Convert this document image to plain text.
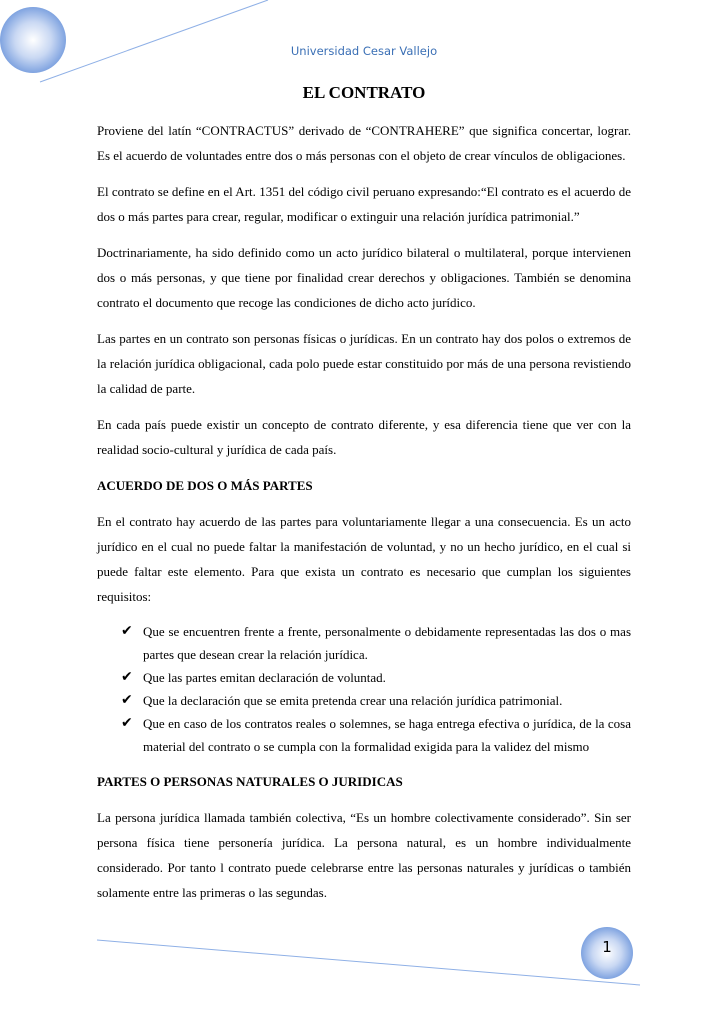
Universidad Cesar Vallejo
EL CONTRATO

Proviene del latín “CONTRACTUS” derivado de “CONTRAHERE” que significa concertar, lograr. Es el acuerdo de voluntades entre dos o más personas con el objeto de crear vínculos de obligaciones.

El contrato se define en el Art. 1351 del código civil peruano expresando:“El contrato es el acuerdo de dos o más partes para crear, regular, modificar o extinguir una relación jurídica patrimonial.”

Doctrinariamente, ha sido definido como un acto jurídico bilateral o multilateral, porque intervienen dos o más personas, y que tiene por finalidad crear derechos y obligaciones. También se denomina contrato el documento que recoge las condiciones de dicho acto jurídico.

Las partes en un contrato son personas físicas o jurídicas. En un contrato hay dos polos o extremos de la relación jurídica obligacional, cada polo puede estar constituido por más de una persona revistiendo la calidad de parte.

En cada país puede existir un concepto de contrato diferente, y esa diferencia tiene que ver con la realidad socio-cultural y jurídica de cada país.

ACUERDO DE DOS O MÁS PARTES

En el contrato hay acuerdo de las partes para voluntariamente llegar a una consecuencia. Es un acto jurídico en el cual no puede faltar la manifestación de voluntad, y no un hecho jurídico, en el cual si puede faltar este elemento. Para que exista un contrato es necesario que cumplan los siguientes requisitos:

✔ Que se encuentren frente a frente, personalmente o debidamente representadas las dos o mas partes que desean crear la relación jurídica.
✔ Que las partes emitan declaración de voluntad.
✔ Que la declaración que se emita pretenda crear una relación jurídica patrimonial.
✔ Que en caso de los contratos reales o solemnes, se haga entrega efectiva o jurídica, de la cosa material del contrato o se cumpla con la formalidad exigida para la validez del mismo
PARTES O PERSONAS NATURALES O JURIDICAS

La persona jurídica llamada también colectiva, “Es un hombre colectivamente considerado”. Sin ser persona física tiene personería jurídica. La persona natural, es un hombre individualmente considerado. Por tanto l contrato puede celebrarse entre las personas naturales y jurídicas o también solamente entre las primeras o las segundas.

1
